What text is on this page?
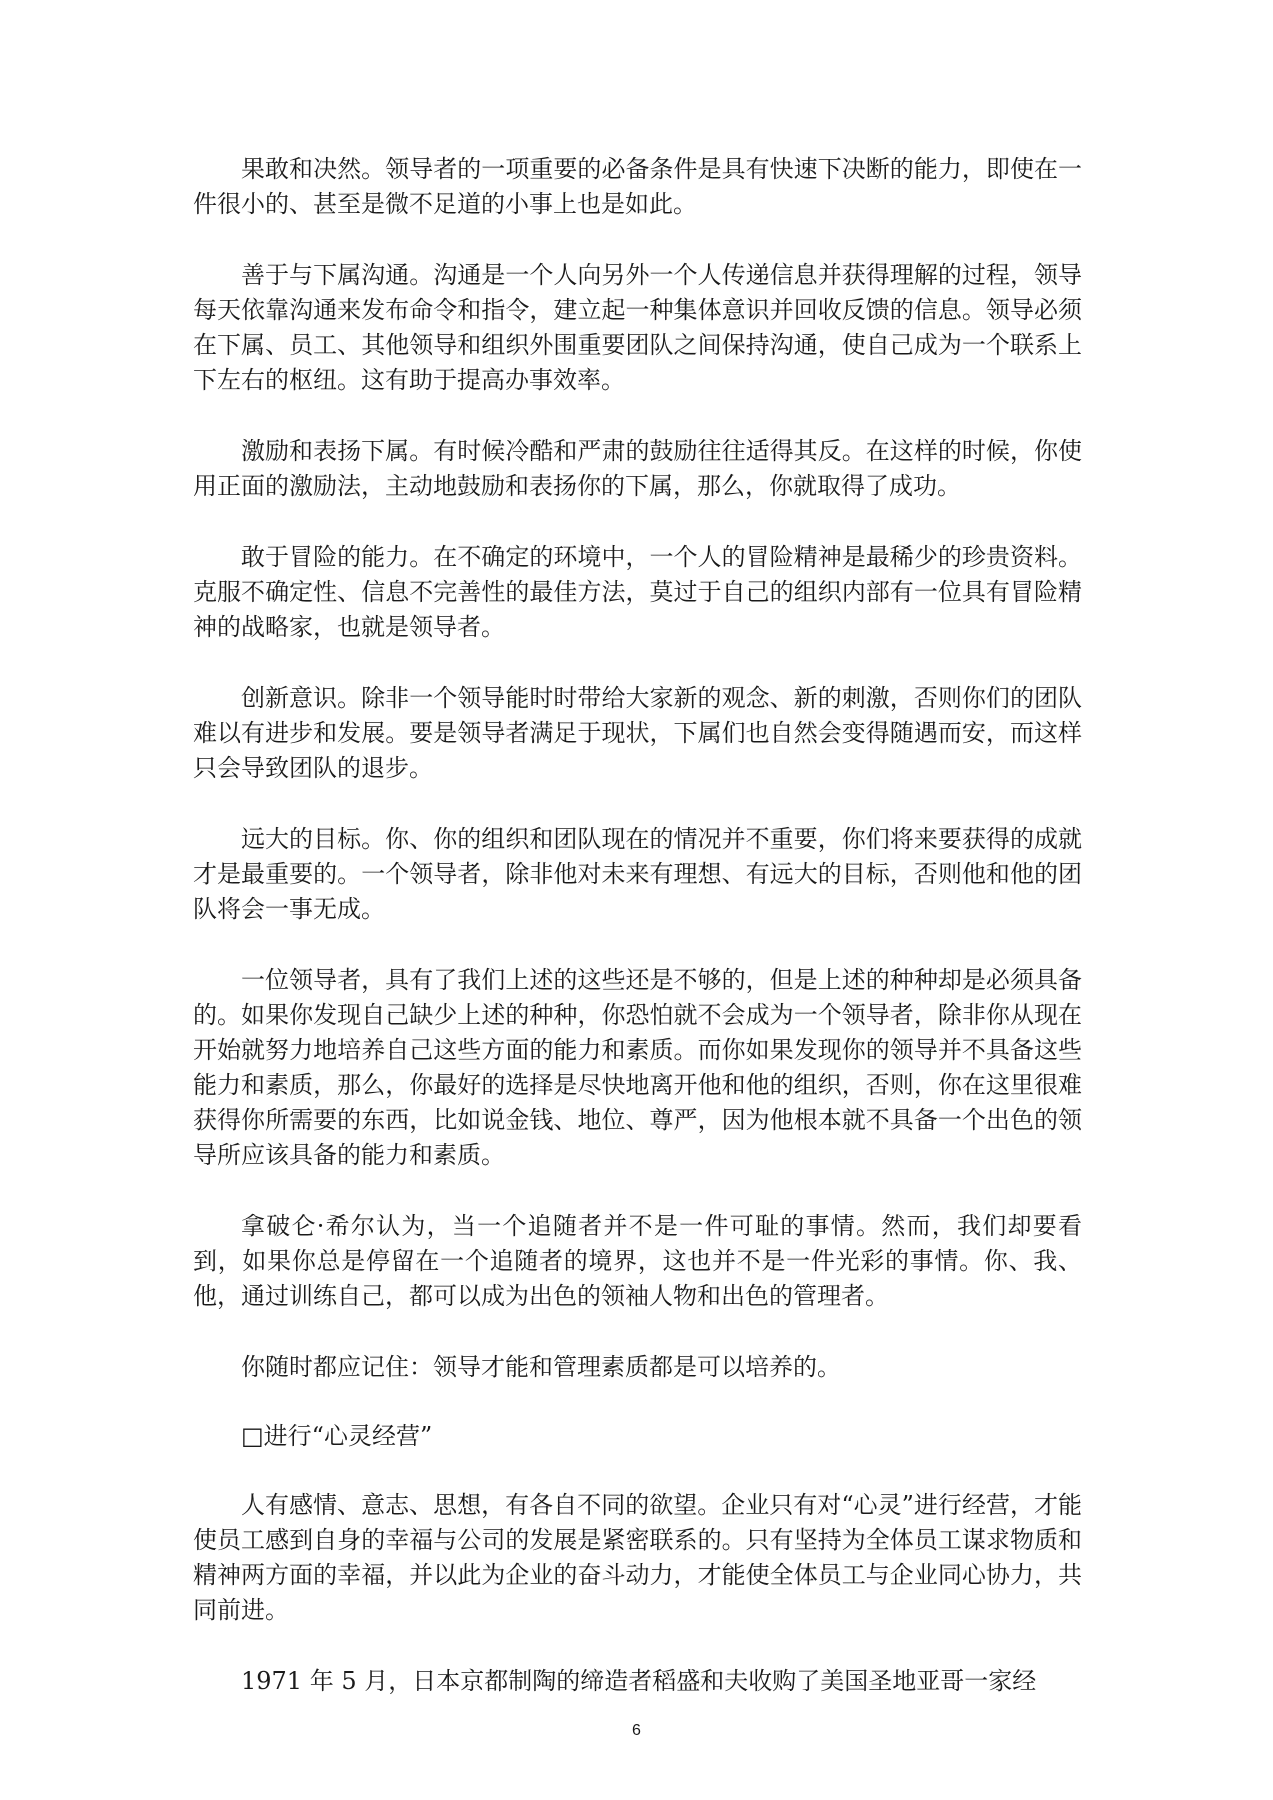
果敢和决然。领导者的一项重要的必备条件是具有快速下决断的能力，即使在一件很小的、甚至是微不足道的小事上也是如此。

善于与下属沟通。沟通是一个人向另外一个人传递信息并获得理解的过程，领导每天依靠沟通来发布命令和指令，建立起一种集体意识并回收反馈的信息。领导必须在下属、员工、其他领导和组织外围重要团队之间保持沟通，使自己成为一个联系上下左右的枢纽。这有助于提高办事效率。

激励和表扬下属。有时候冷酷和严肃的鼓励往往适得其反。在这样的时候，你使用正面的激励法，主动地鼓励和表扬你的下属，那么，你就取得了成功。

敢于冒险的能力。在不确定的环境中，一个人的冒险精神是最稀少的珍贵资料。克服不确定性、信息不完善性的最佳方法，莫过于自己的组织内部有一位具有冒险精神的战略家，也就是领导者。

创新意识。除非一个领导能时时带给大家新的观念、新的刺激，否则你们的团队难以有进步和发展。要是领导者满足于现状，下属们也自然会变得随遇而安，而这样只会导致团队的退步。

远大的目标。你、你的组织和团队现在的情况并不重要，你们将来要获得的成就才是最重要的。一个领导者，除非他对未来有理想、有远大的目标，否则他和他的团队将会一事无成。

一位领导者，具有了我们上述的这些还是不够的，但是上述的种种却是必须具备的。如果你发现自己缺少上述的种种，你恐怕就不会成为一个领导者，除非你从现在开始就努力地培养自己这些方面的能力和素质。而你如果发现你的领导并不具备这些能力和素质，那么，你最好的选择是尽快地离开他和他的组织，否则，你在这里很难获得你所需要的东西，比如说金钱、地位、尊严，因为他根本就不具备一个出色的领导所应该具备的能力和素质。

拿破仑·希尔认为，当一个追随者并不是一件可耻的事情。然而，我们却要看到，如果你总是停留在一个追随者的境界，这也并不是一件光彩的事情。你、我、他，通过训练自己，都可以成为出色的领袖人物和出色的管理者。

你随时都应记住：领导才能和管理素质都是可以培养的。

□进行“心灵经营”

人有感情、意志、思想，有各自不同的欲望。企业只有对“心灵”进行经营，才能使员工感到自身的幸福与公司的发展是紧密联系的。只有坚持为全体员工谋求物质和精神两方面的幸福，并以此为企业的奋斗动力，才能使全体员工与企业同心协力，共同前进。

1971 年 5 月，日本京都制陶的缔造者稻盛和夫收购了美国圣地亚哥一家经

6
